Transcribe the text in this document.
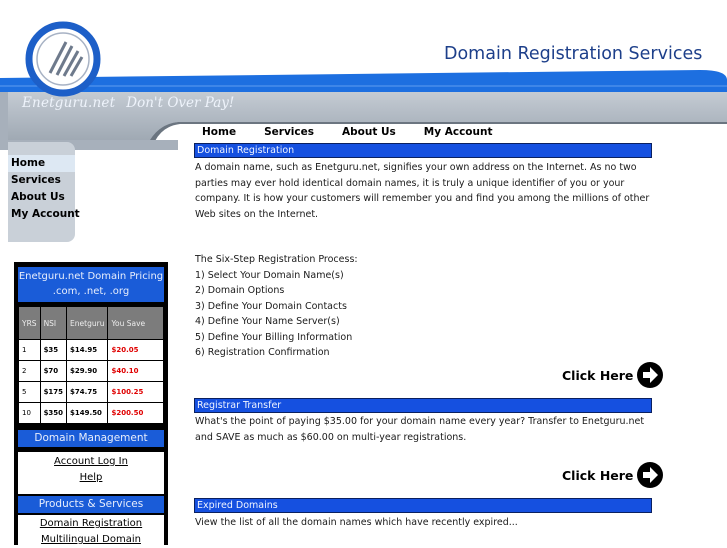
Domain Registration Services
Enetguru.net Don't Over Pay!
Home	Services	About Us	My Account
Home
Services
About Us
My Account
Enetguru.net Domain Pricing
.com, .net, .org
YRS	NSI	Enetguru	You Save
1	$35	$14.95	$20.05
2	$70	$29.90	$40.10
5	$175	$74.75	$100.25
10	$350	$149.50	$200.50
Domain Management
Account Log In
Help
Products & Services
Domain Registration
Multilingual Domain
Domain Registration
A domain name, such as Enetguru.net, signifies your own address on the Internet. As no two parties may ever hold identical domain names, it is truly a unique identifier of you or your company. It is how your customers will remember you and find you among the millions of other Web sites on the Internet.
The Six-Step Registration Process:
1) Select Your Domain Name(s)
2) Domain Options
3) Define Your Domain Contacts
4) Define Your Name Server(s)
5) Define Your Billing Information
6) Registration Confirmation
Click Here
Registrar Transfer
What's the point of paying $35.00 for your domain name every year? Transfer to Enetguru.net and SAVE as much as $60.00 on multi-year registrations.
Click Here
Expired Domains
View the list of all the domain names which have recently expired...
